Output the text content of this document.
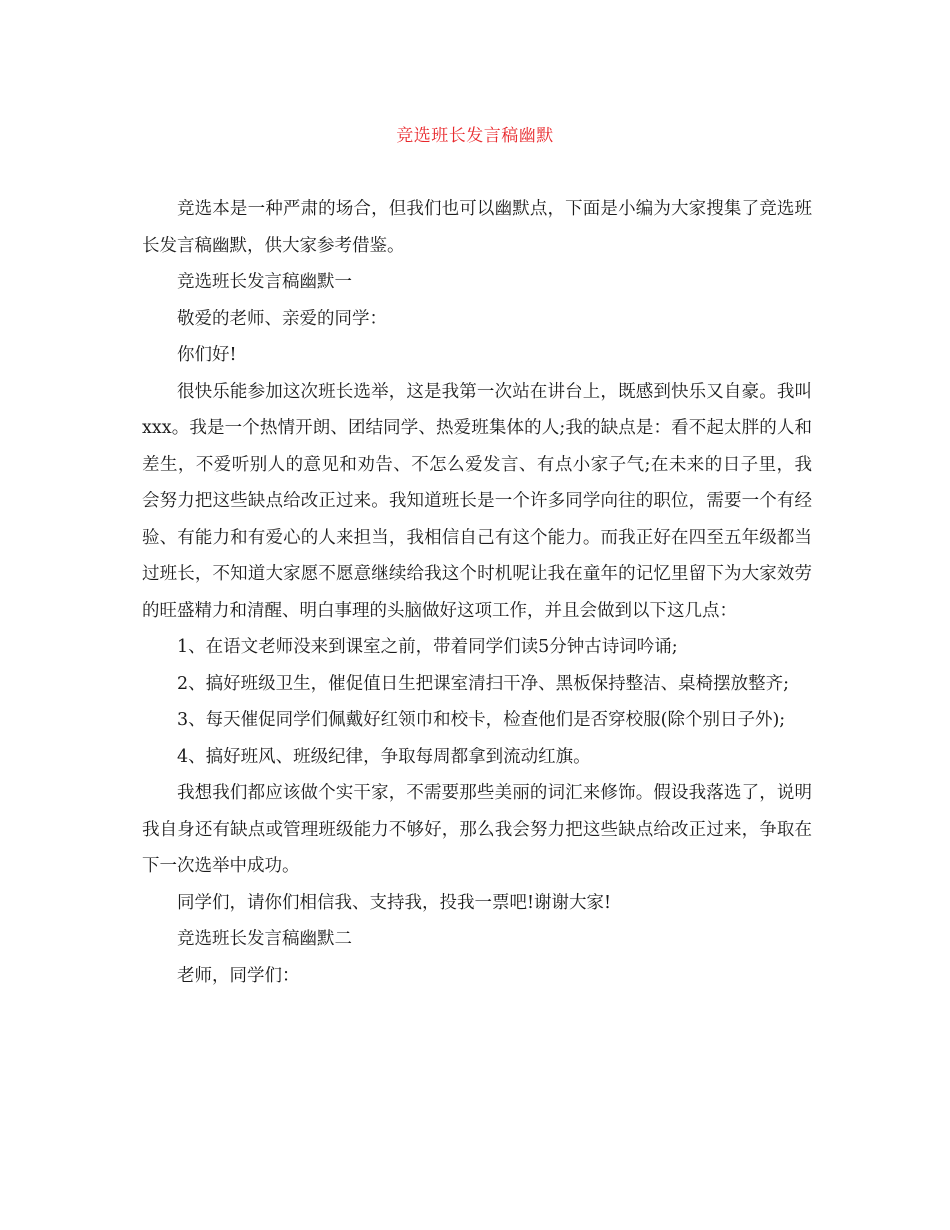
竞选班长发言稿幽默

竞选本是一种严肃的场合，但我们也可以幽默点，下面是小编为大家搜集了竞选班长发言稿幽默，供大家参考借鉴。

竞选班长发言稿幽默一

敬爱的老师、亲爱的同学：

你们好!

很快乐能参加这次班长选举，这是我第一次站在讲台上，既感到快乐又自豪。我叫xxx。我是一个热情开朗、团结同学、热爱班集体的人;我的缺点是：看不起太胖的人和差生，不爱听别人的意见和劝告、不怎么爱发言、有点小家子气;在未来的日子里，我会努力把这些缺点给改正过来。我知道班长是一个许多同学向往的职位，需要一个有经验、有能力和有爱心的人来担当，我相信自己有这个能力。而我正好在四至五年级都当过班长，不知道大家愿不愿意继续给我这个时机呢让我在童年的记忆里留下为大家效劳的旺盛精力和清醒、明白事理的头脑做好这项工作，并且会做到以下这几点：

1、在语文老师没来到课室之前，带着同学们读5分钟古诗词吟诵;

2、搞好班级卫生，催促值日生把课室清扫干净、黑板保持整洁、桌椅摆放整齐;

3、每天催促同学们佩戴好红领巾和校卡，检查他们是否穿校服(除个别日子外);

4、搞好班风、班级纪律，争取每周都拿到流动红旗。

我想我们都应该做个实干家，不需要那些美丽的词汇来修饰。假设我落选了，说明我自身还有缺点或管理班级能力不够好，那么我会努力把这些缺点给改正过来，争取在下一次选举中成功。

同学们，请你们相信我、支持我，投我一票吧!谢谢大家!

竞选班长发言稿幽默二

老师，同学们：
